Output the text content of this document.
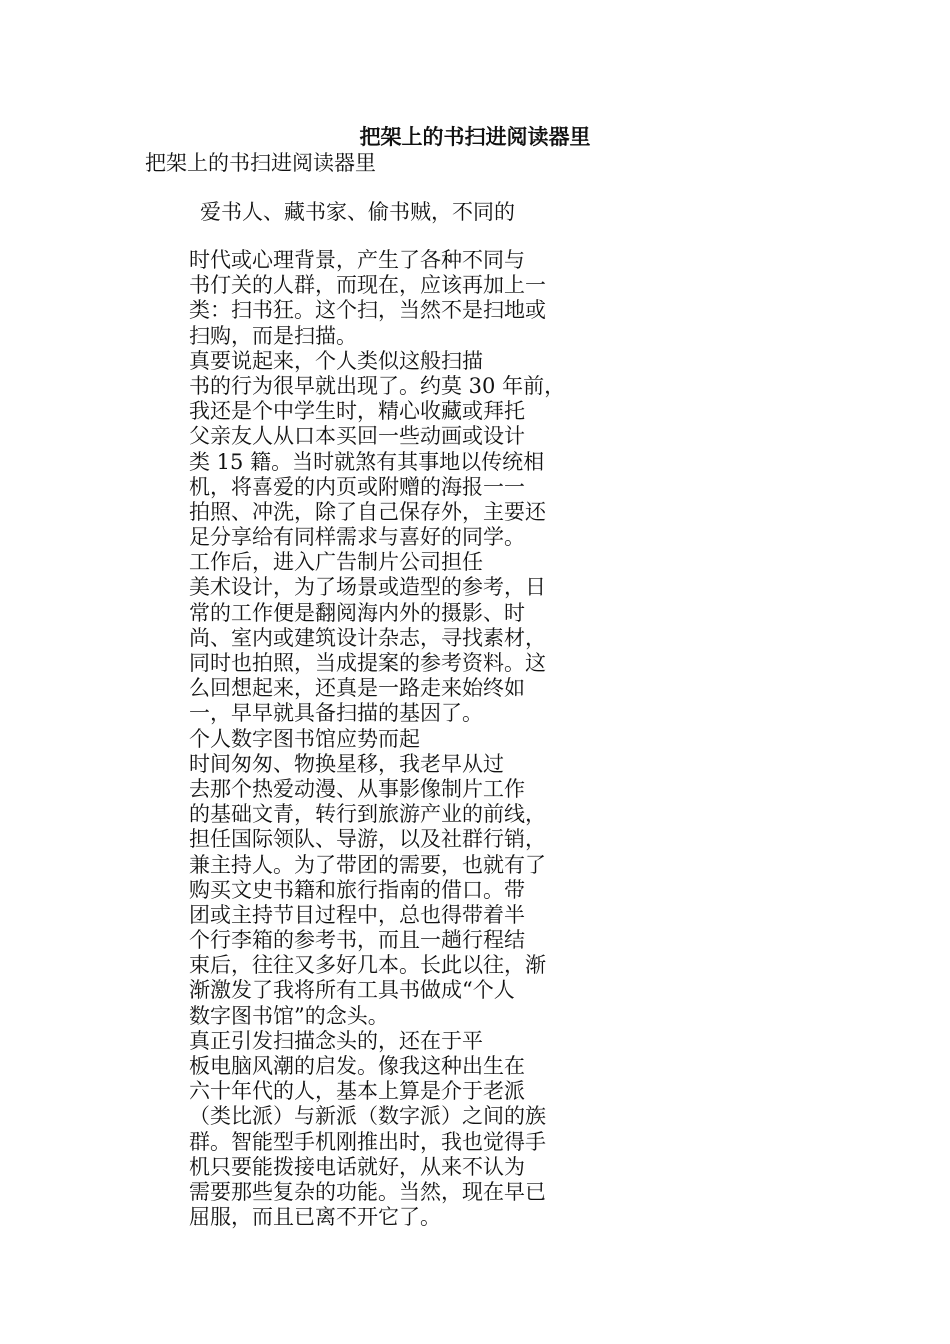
把架上的书扫进阅读器里
把架上的书扫进阅读器里
爱书人、藏书家、偷书贼，不同的
时代或心理背景，产生了各种不同与
书仃关的人群，而现在，应该再加上一
类：扫书狂。这个扫，当然不是扫地或
扫购，而是扫描。
真要说起来，个人类似这般扫描
书的行为很早就出现了。约莫 30 年前，
我还是个中学生时，精心收藏或拜托
父亲友人从口本买回一些动画或设计
类 15 籍。当时就煞有其事地以传统相
机，将喜爱的内页或附赠的海报一一
拍照、冲洗，除了自己保存外，主要还
足分享给有同样需求与喜好的同学。
工作后，进入广告制片公司担任
美术设计，为了场景或造型的参考，日
常的工作便是翻阅海内外的摄影、时
尚、室内或建筑设计杂志，寻找素材，
同时也拍照，当成提案的参考资料。这
么回想起来，还真是一路走来始终如
一，早早就具备扫描的基因了。
个人数字图书馆应势而起
时间匆匆、物换星移，我老早从过
去那个热爱动漫、从事影像制片工作
的基础文青，转行到旅游产业的前线，
担任国际领队、导游，以及社群行销，
兼主持人。为了带团的需要，也就有了
购买文史书籍和旅行指南的借口。带
团或主持节目过程中，总也得带着半
个行李箱的参考书，而且一趟行程结
束后，往往又多好几本。长此以往，渐
渐激发了我将所有工具书做成“个人
数字图书馆”的念头。
真正引发扫描念头的，还在于平
板电脑风潮的启发。像我这种出生在
六十年代的人，基本上算是介于老派
（类比派）与新派（数字派）之间的族
群。智能型手机刚推出时，我也觉得手
机只要能拨接电话就好，从来不认为
需要那些复杂的功能。当然，现在早已
屈服，而且已离不开它了。
